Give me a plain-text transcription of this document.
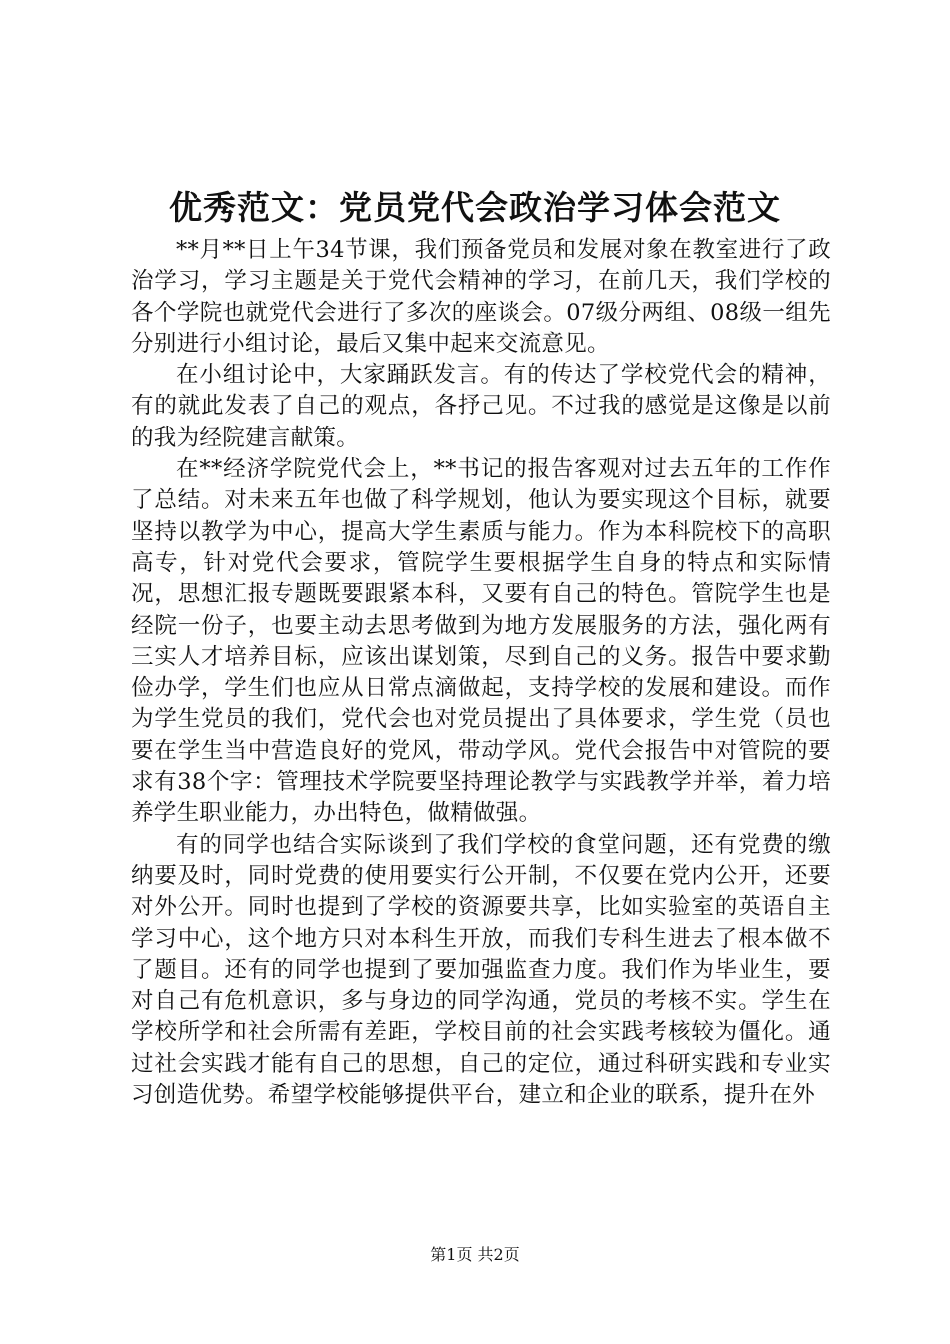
优秀范文：党员党代会政治学习体会范文

**月**日上午34节课，我们预备党员和发展对象在教室进行了政治学习，学习主题是关于党代会精神的学习，在前几天，我们学校的各个学院也就党代会进行了多次的座谈会。07级分两组、08级一组先分别进行小组讨论，最后又集中起来交流意见。

在小组讨论中，大家踊跃发言。有的传达了学校党代会的精神，有的就此发表了自己的观点，各抒己见。不过我的感觉是这像是以前的我为经院建言献策。

在**经济学院党代会上，**书记的报告客观对过去五年的工作作了总结。对未来五年也做了科学规划，他认为要实现这个目标，就要坚持以教学为中心，提高大学生素质与能力。作为本科院校下的高职高专，针对党代会要求，管院学生要根据学生自身的特点和实际情况，思想汇报专题既要跟紧本科，又要有自己的特色。管院学生也是经院一份子，也要主动去思考做到为地方发展服务的方法，强化两有三实人才培养目标，应该出谋划策，尽到自己的义务。报告中要求勤俭办学，学生们也应从日常点滴做起，支持学校的发展和建设。而作为学生党员的我们，党代会也对党员提出了具体要求，学生党（员也要在学生当中营造良好的党风，带动学风。党代会报告中对管院的要求有38个字：管理技术学院要坚持理论教学与实践教学并举，着力培养学生职业能力，办出特色，做精做强。

有的同学也结合实际谈到了我们学校的食堂问题，还有党费的缴纳要及时，同时党费的使用要实行公开制，不仅要在党内公开，还要对外公开。同时也提到了学校的资源要共享，比如实验室的英语自主学习中心，这个地方只对本科生开放，而我们专科生进去了根本做不了题目。还有的同学也提到了要加强监查力度。我们作为毕业生，要对自己有危机意识，多与身边的同学沟通，党员的考核不实。学生在学校所学和社会所需有差距，学校目前的社会实践考核较为僵化。通过社会实践才能有自己的思想，自己的定位，通过科研实践和专业实习创造优势。希望学校能够提供平台，建立和企业的联系，提升在外

第1页 共2页
